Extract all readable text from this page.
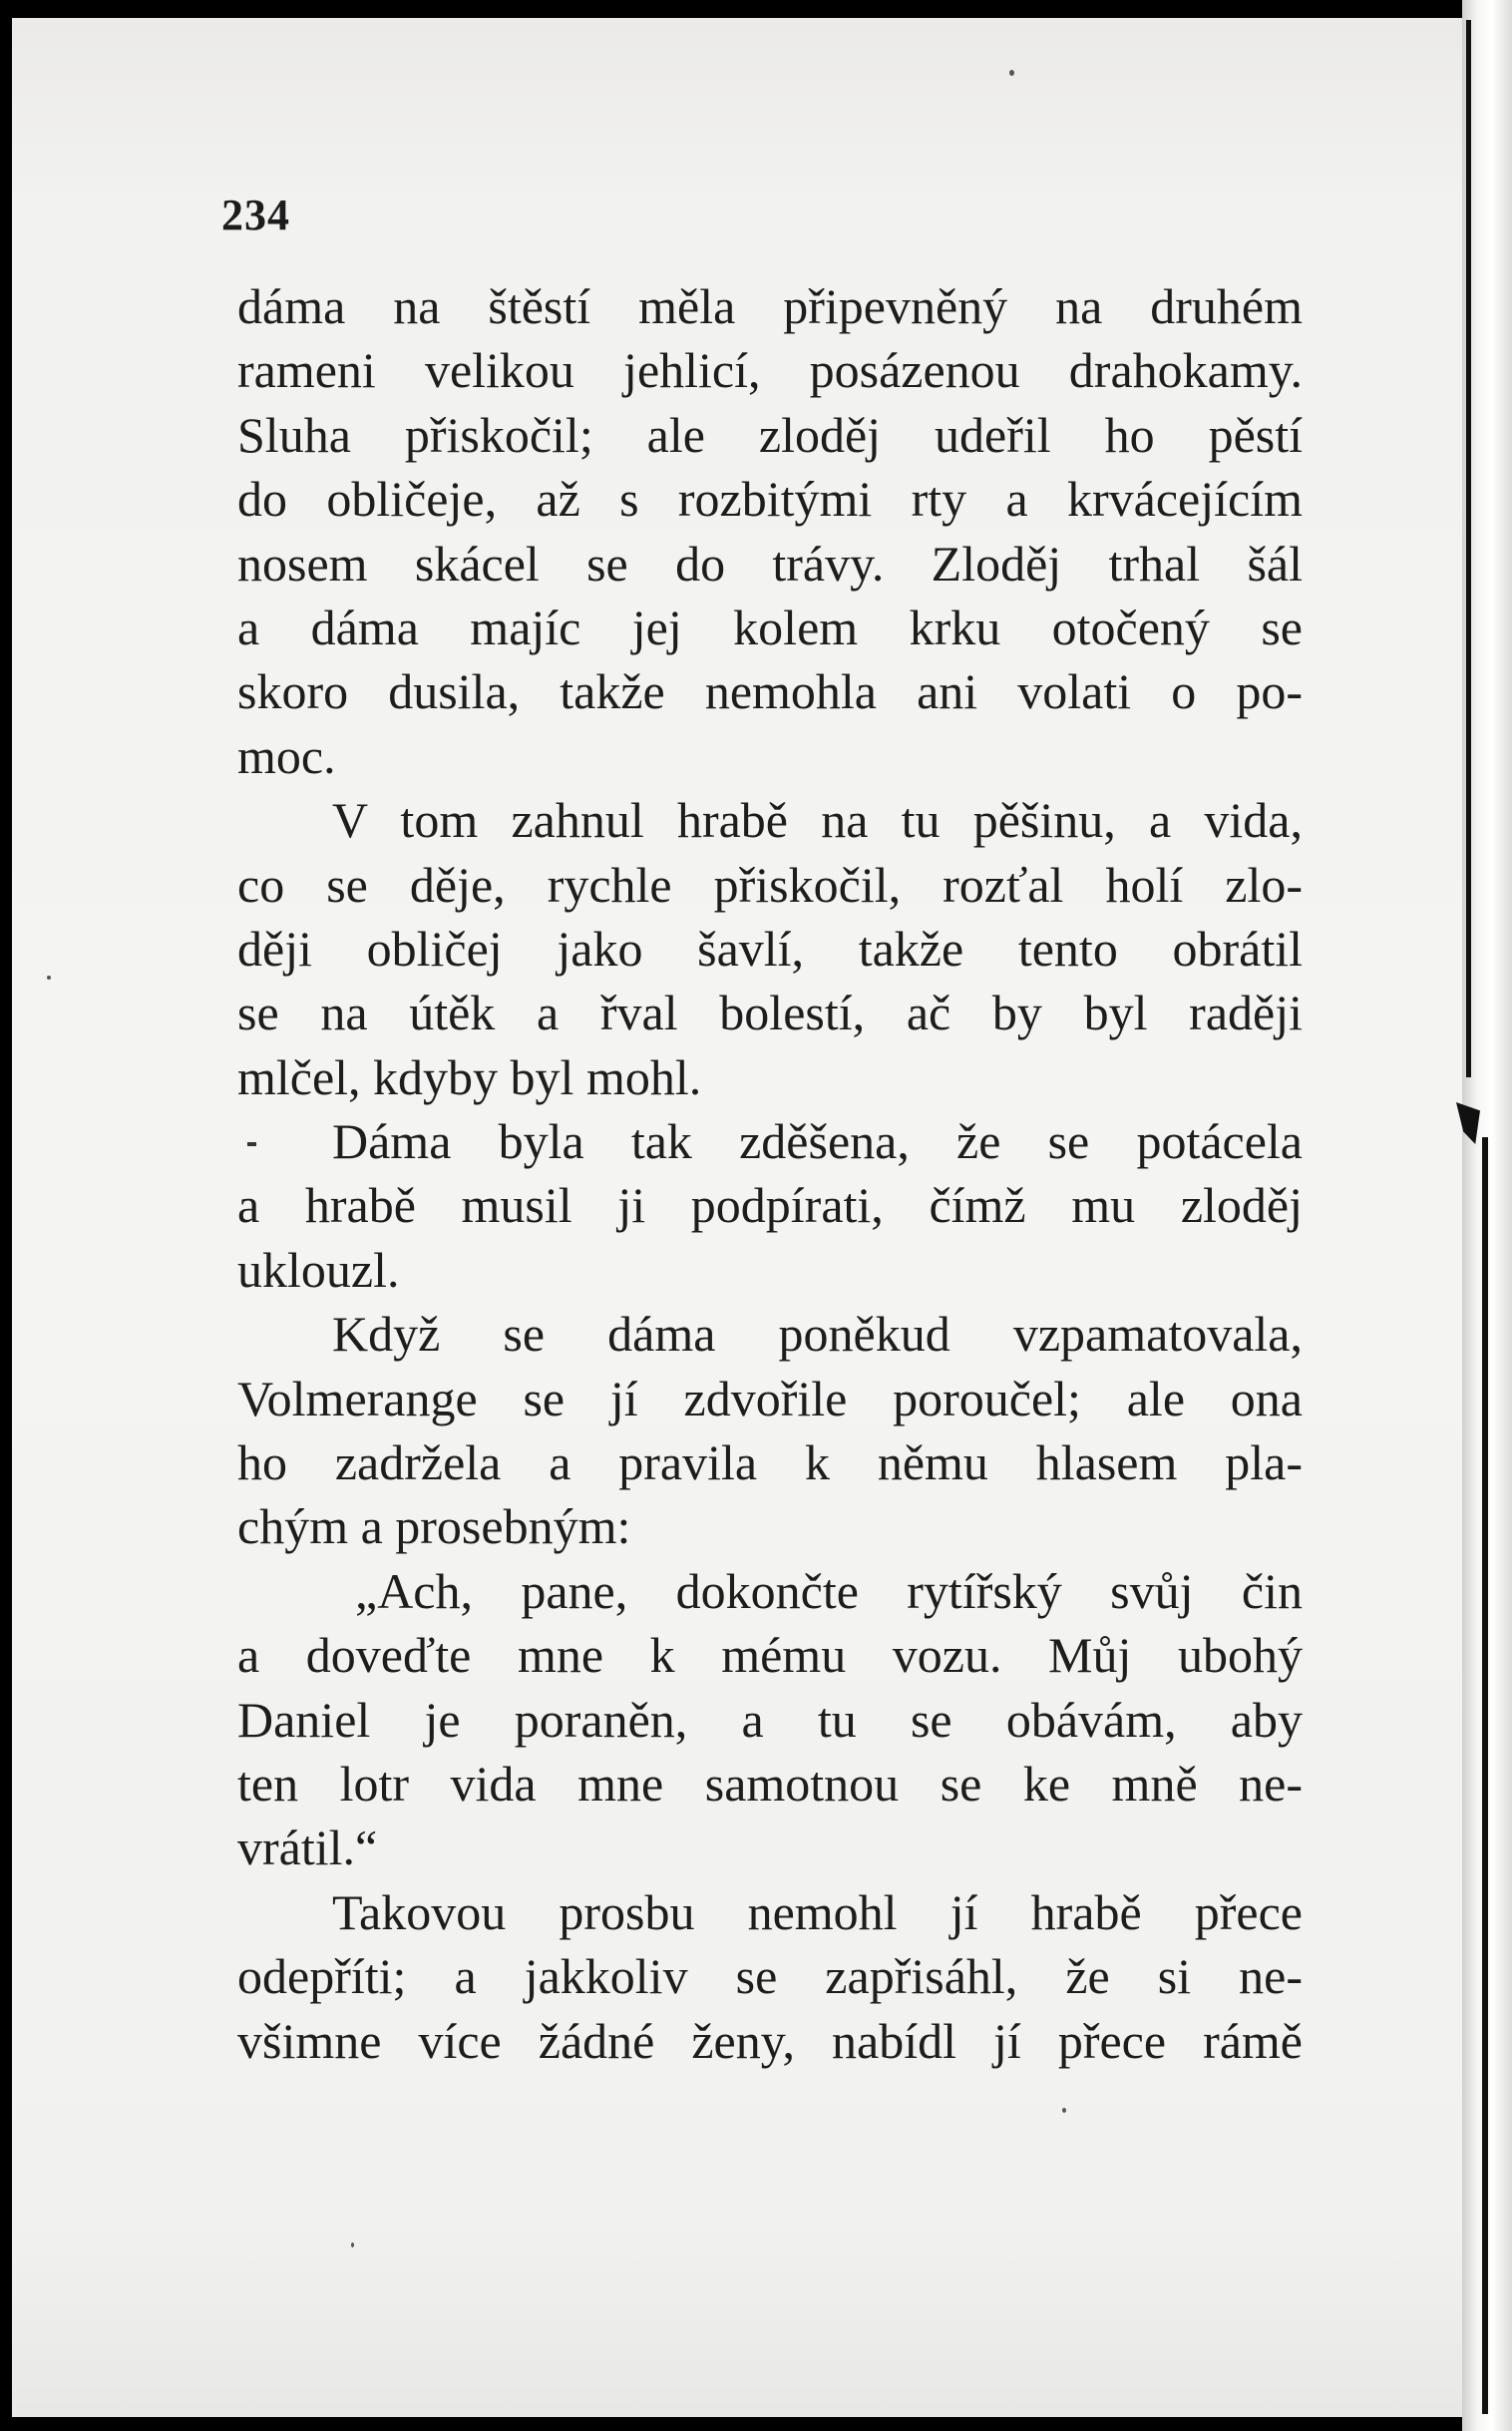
234
dáma na štěstí měla připevněný na druhém
rameni velikou jehlicí, posázenou drahokamy.
Sluha přiskočil; ale zloděj udeřil ho pěstí
do obličeje, až s rozbitými rty a krvácejícím
nosem skácel se do trávy. Zloděj trhal šál
a dáma majíc jej kolem krku otočený se
skoro dusila, takže nemohla ani volati o po-
moc.
V tom zahnul hrabě na tu pěšinu, a vida,
co se děje, rychle přiskočil, rozťal holí zlo-
ději obličej jako šavlí, takže tento obrátil
se na útěk a řval bolestí, ač by byl raději
mlčel, kdyby byl mohl.
Dáma byla tak zděšena, že se potácela
a hrabě musil ji podpírati, čímž mu zloděj
uklouzl.
Když se dáma poněkud vzpamatovala,
Volmerange se jí zdvořile poroučel; ale ona
ho zadržela a pravila k němu hlasem pla-
chým a prosebným:
„Ach, pane, dokončte rytířský svůj čin
a doveďte mne k mému vozu. Můj ubohý
Daniel je poraněn, a tu se obávám, aby
ten lotr vida mne samotnou se ke mně ne-
vrátil.“
Takovou prosbu nemohl jí hrabě přece
odepříti; a jakkoliv se zapřisáhl, že si ne-
všimne více žádné ženy, nabídl jí přece rámě
